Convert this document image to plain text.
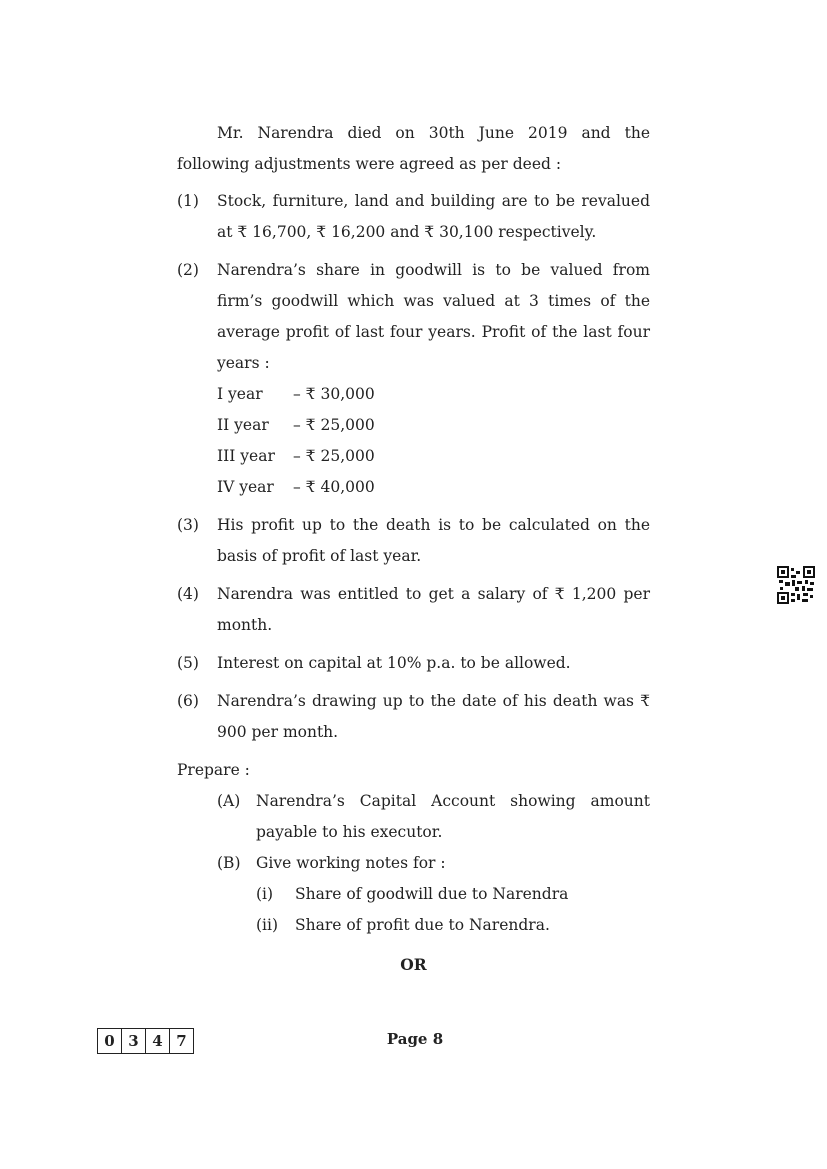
Mr. Narendra died on 30th June 2019 and the following adjustments were agreed as per deed :

(1)	Stock, furniture, land and building are to be revalued at ₹ 16,700, ₹ 16,200 and ₹ 30,100 respectively.
(2)	Narendra’s share in goodwill is to be valued from firm’s goodwill which was valued at 3 times of the average profit of last four years. Profit of the last four years :
I year	– ₹ 30,000
II year	– ₹ 25,000
III year	– ₹ 25,000
IV year	– ₹ 40,000
(3)	His profit up to the death is to be calculated on the basis of profit of last year.
(4)	Narendra was entitled to get a salary of ₹ 1,200 per month.
(5)	Interest on capital at 10% p.a. to be allowed.
(6)	Narendra’s drawing up to the date of his death was ₹ 900 per month.
Prepare :
(A)	Narendra’s Capital Account showing amount payable to his executor.
(B)	Give working notes for :
(i)	Share of goodwill due to Narendra
(ii)	Share of profit due to Narendra.
OR
0 3 4 7	Page 8
